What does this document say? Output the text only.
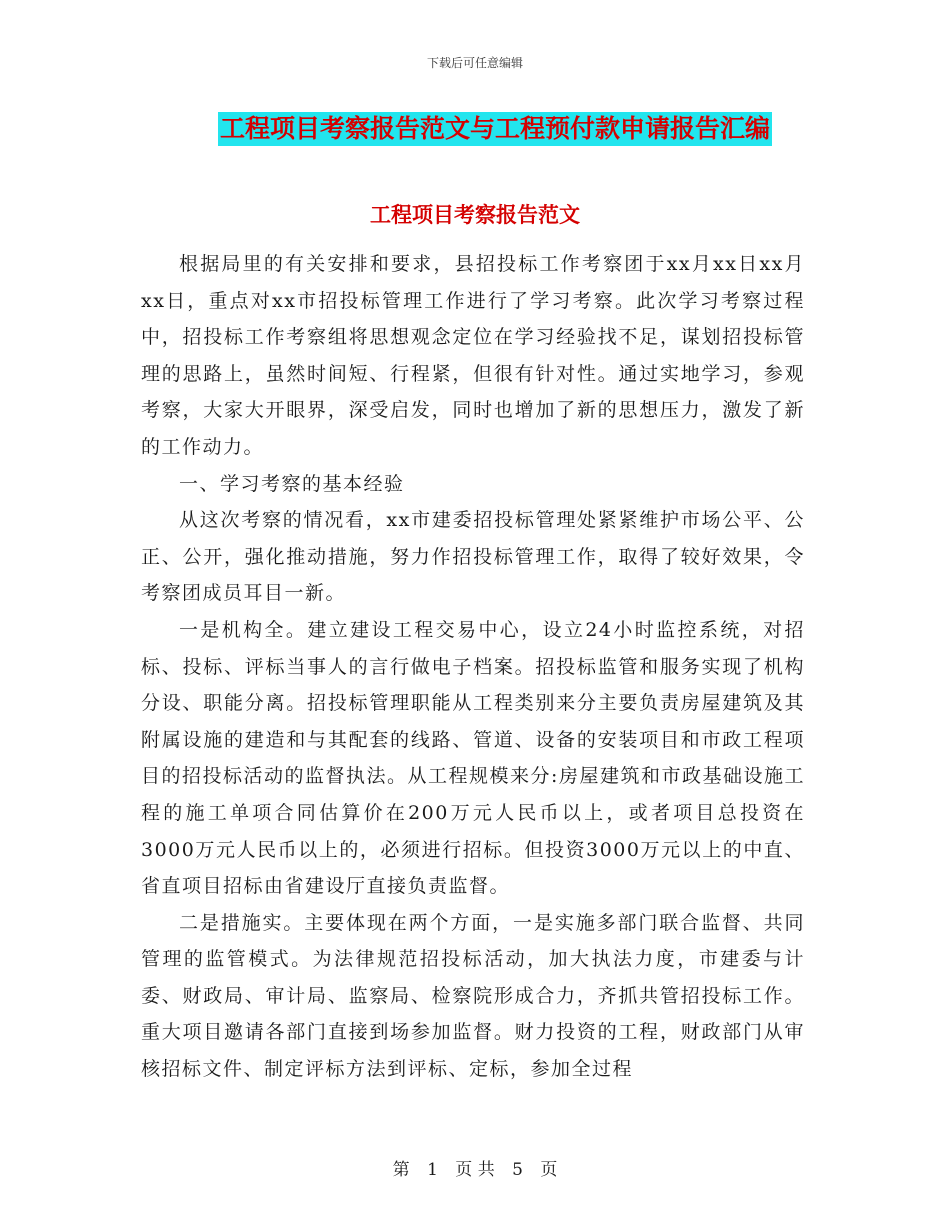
下载后可任意编辑
工程项目考察报告范文与工程预付款申请报告汇编
工程项目考察报告范文

根据局里的有关安排和要求，县招投标工作考察团于xx月xx日xx月xx日，重点对xx市招投标管理工作进行了学习考察。此次学习考察过程中，招投标工作考察组将思想观念定位在学习经验找不足，谋划招投标管理的思路上，虽然时间短、行程紧，但很有针对性。通过实地学习，参观考察，大家大开眼界，深受启发，同时也增加了新的思想压力，激发了新的工作动力。

一、学习考察的基本经验

从这次考察的情况看，xx市建委招投标管理处紧紧维护市场公平、公正、公开，强化推动措施，努力作招投标管理工作，取得了较好效果，令考察团成员耳目一新。

一是机构全。建立建设工程交易中心，设立24小时监控系统，对招标、投标、评标当事人的言行做电子档案。招投标监管和服务实现了机构分设、职能分离。招投标管理职能从工程类别来分主要负责房屋建筑及其附属设施的建造和与其配套的线路、管道、设备的安装项目和市政工程项目的招投标活动的监督执法。从工程规模来分:房屋建筑和市政基础设施工程的施工单项合同估算价在200万元人民币以上，或者项目总投资在3000万元人民币以上的，必须进行招标。但投资3000万元以上的中直、省直项目招标由省建设厅直接负责监督。

二是措施实。主要体现在两个方面，一是实施多部门联合监督、共同管理的监管模式。为法律规范招投标活动，加大执法力度，市建委与计委、财政局、审计局、监察局、检察院形成合力，齐抓共管招投标工作。重大项目邀请各部门直接到场参加监督。财力投资的工程，财政部门从审核招标文件、制定评标方法到评标、定标，参加全过程

第 1 页 共 5 页
